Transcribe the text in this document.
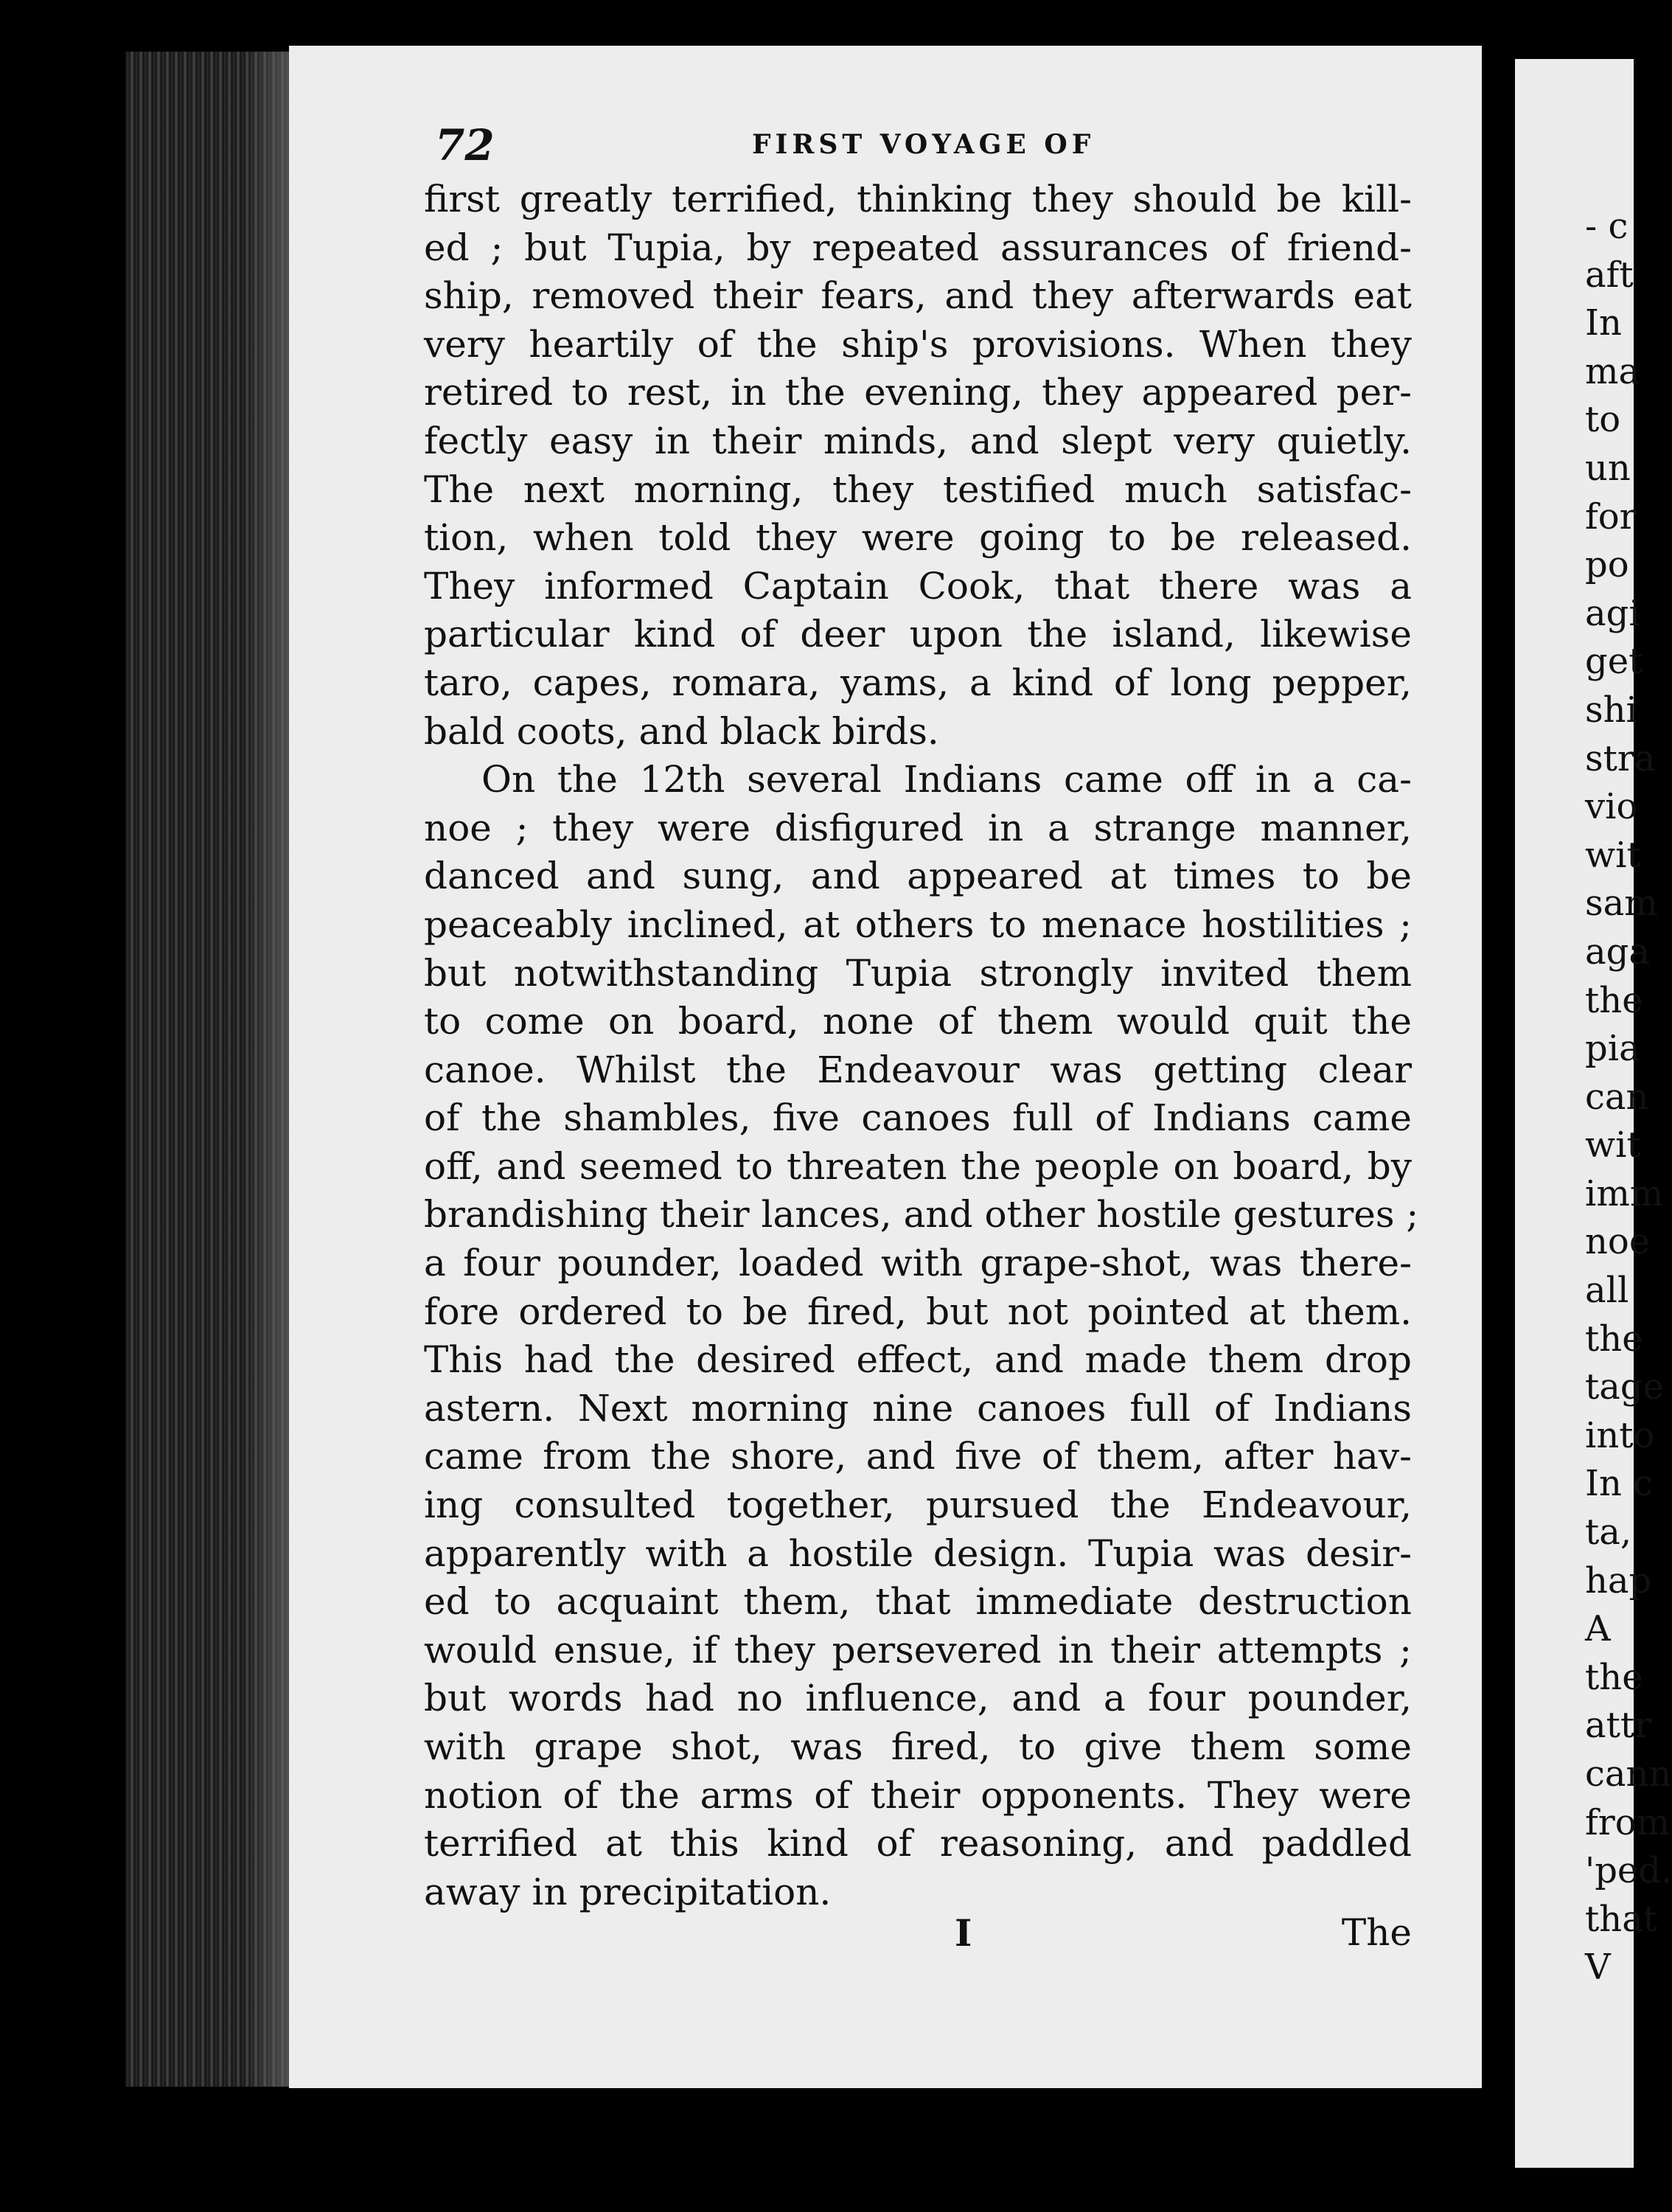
72	FIRST VOYAGE OF
first greatly terrified, thinking they should be kill-
ed ; but Tupia, by repeated assurances of friend-
ship, removed their fears, and they afterwards eat
very heartily of the ship's provisions. When they
retired to rest, in the evening, they appeared per-
fectly easy in their minds, and slept very quietly.
The next morning, they testified much satisfac-
tion, when told they were going to be released.
They informed Captain Cook, that there was a
particular kind of deer upon the island, likewise
taro, capes, romara, yams, a kind of long pepper,
bald coots, and black birds.
On the 12th several Indians came off in a ca-
noe ; they were disfigured in a strange manner,
danced and sung, and appeared at times to be
peaceably inclined, at others to menace hostilities ;
but notwithstanding Tupia strongly invited them
to come on board, none of them would quit the
canoe. Whilst the Endeavour was getting clear
of the shambles, five canoes full of Indians came
off, and seemed to threaten the people on board, by
brandishing their lances, and other hostile gestures ;
a four pounder, loaded with grape-shot, was there-
fore ordered to be fired, but not pointed at them.
This had the desired effect, and made them drop
astern. Next morning nine canoes full of Indians
came from the shore, and five of them, after hav-
ing consulted together, pursued the Endeavour,
apparently with a hostile design. Tupia was desir-
ed to acquaint them, that immediate destruction
would ensue, if they persevered in their attempts ;
but words had no influence, and a four pounder,
with grape shot, was fired, to give them some
notion of the arms of their opponents. They were
terrified at this kind of reasoning, and paddled
away in precipitation.
I	The
- c
aft
In
ma
to
un
for
po
agi
get
shi
stra
vio
wit
sam
aga
the
pia
can
wit
imm
noe
all
the
tage
into
In c
ta,
hap
A
the
attr
cann
from
'ped.
that
V
